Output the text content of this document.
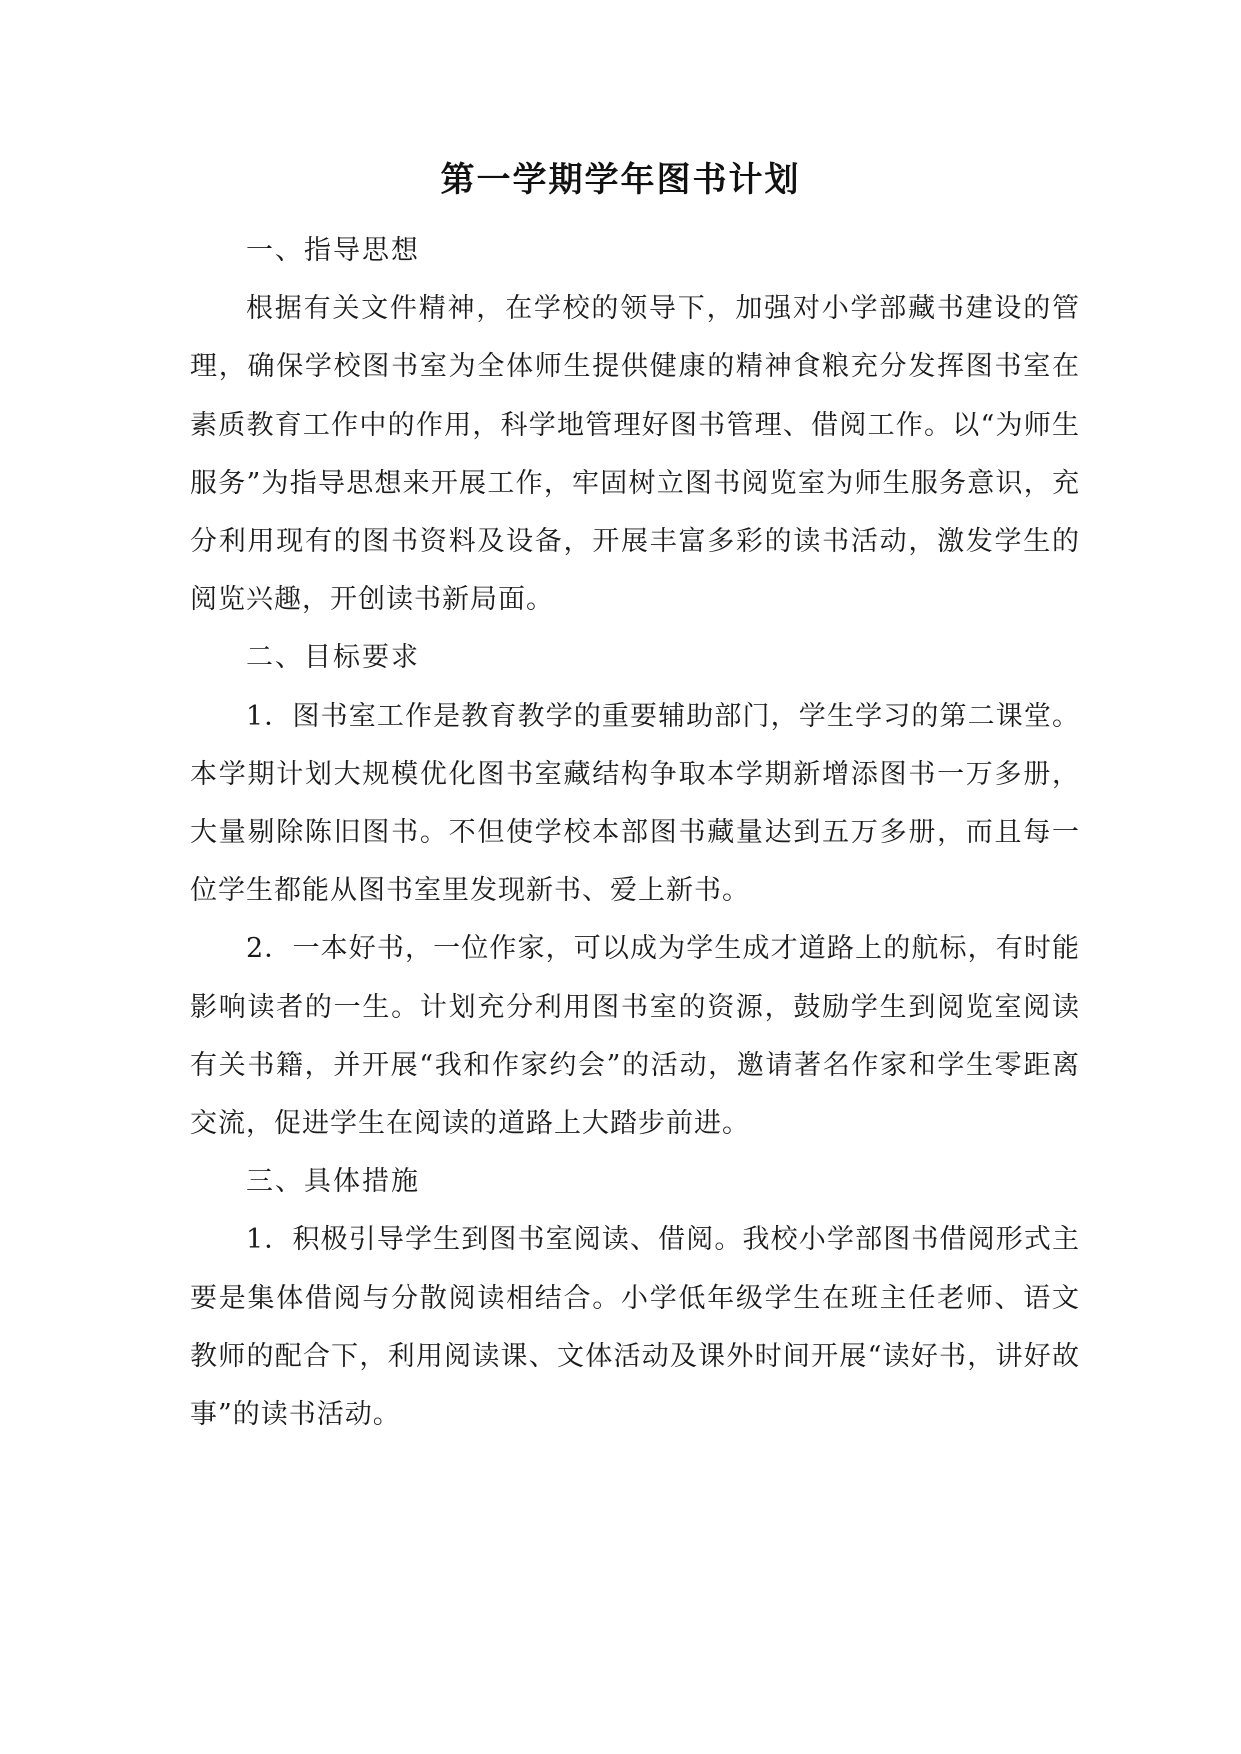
第一学期学年图书计划

一、指导思想

根据有关文件精神，在学校的领导下，加强对小学部藏书建设的管理，确保学校图书室为全体师生提供健康的精神食粮充分发挥图书室在素质教育工作中的作用，科学地管理好图书管理、借阅工作。以“为师生服务”为指导思想来开展工作，牢固树立图书阅览室为师生服务意识，充分利用现有的图书资料及设备，开展丰富多彩的读书活动，激发学生的阅览兴趣，开创读书新局面。

二、目标要求

1．图书室工作是教育教学的重要辅助部门，学生学习的第二课堂。本学期计划大规模优化图书室藏结构争取本学期新增添图书一万多册，大量剔除陈旧图书。不但使学校本部图书藏量达到五万多册，而且每一位学生都能从图书室里发现新书、爱上新书。

2．一本好书，一位作家，可以成为学生成才道路上的航标，有时能影响读者的一生。计划充分利用图书室的资源，鼓励学生到阅览室阅读有关书籍，并开展“我和作家约会”的活动，邀请著名作家和学生零距离交流，促进学生在阅读的道路上大踏步前进。

三、具体措施

1．积极引导学生到图书室阅读、借阅。我校小学部图书借阅形式主要是集体借阅与分散阅读相结合。小学低年级学生在班主任老师、语文教师的配合下，利用阅读课、文体活动及课外时间开展“读好书，讲好故事”的读书活动。
